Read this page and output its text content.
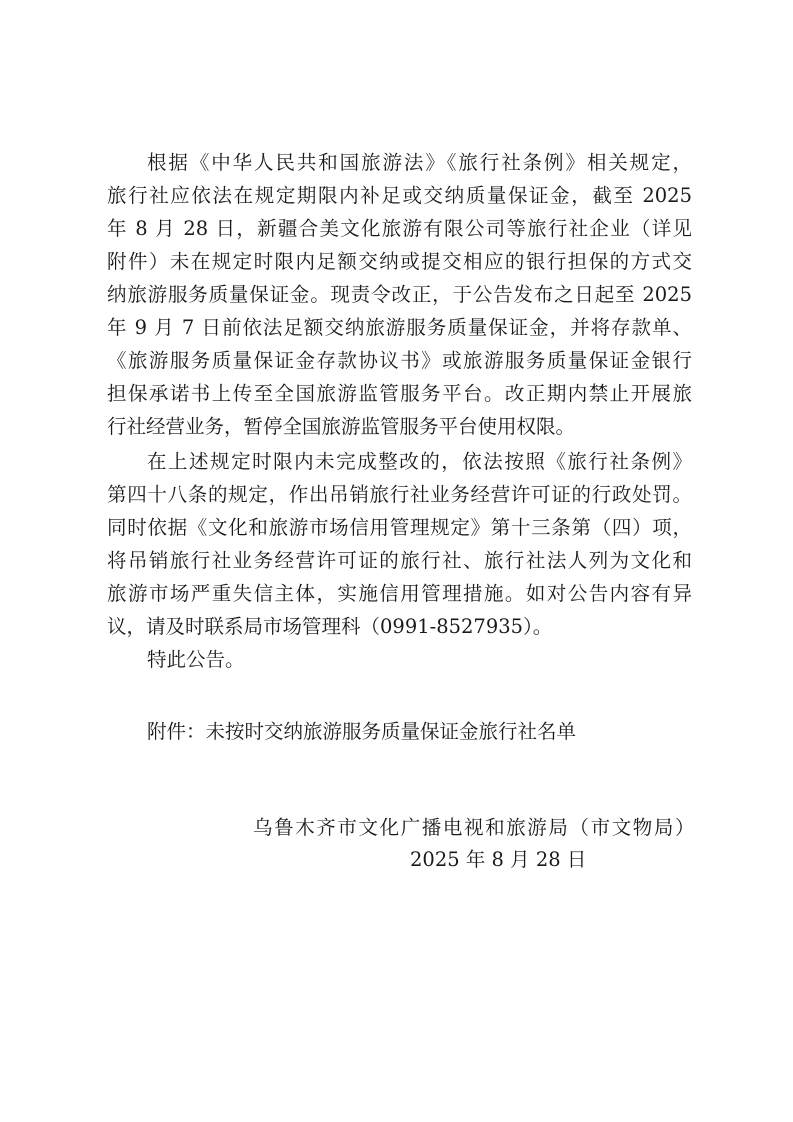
根据《中华人民共和国旅游法》《旅行社条例》相关规定，
旅行社应依法在规定期限内补足或交纳质量保证金，截至 2025
年 8 月 28 日，新疆合美文化旅游有限公司等旅行社企业（详见
附件）未在规定时限内足额交纳或提交相应的银行担保的方式交
纳旅游服务质量保证金。现责令改正，于公告发布之日起至 2025
年 9 月 7 日前依法足额交纳旅游服务质量保证金，并将存款单、
《旅游服务质量保证金存款协议书》或旅游服务质量保证金银行
担保承诺书上传至全国旅游监管服务平台。改正期内禁止开展旅
行社经营业务，暂停全国旅游监管服务平台使用权限。
在上述规定时限内未完成整改的，依法按照《旅行社条例》
第四十八条的规定，作出吊销旅行社业务经营许可证的行政处罚。
同时依据《文化和旅游市场信用管理规定》第十三条第（四）项，
将吊销旅行社业务经营许可证的旅行社、旅行社法人列为文化和
旅游市场严重失信主体，实施信用管理措施。如对公告内容有异
议，请及时联系局市场管理科（0991-8527935）。
特此公告。
附件：未按时交纳旅游服务质量保证金旅行社名单
乌鲁木齐市文化广播电视和旅游局（市文物局）
2025 年 8 月 28 日
